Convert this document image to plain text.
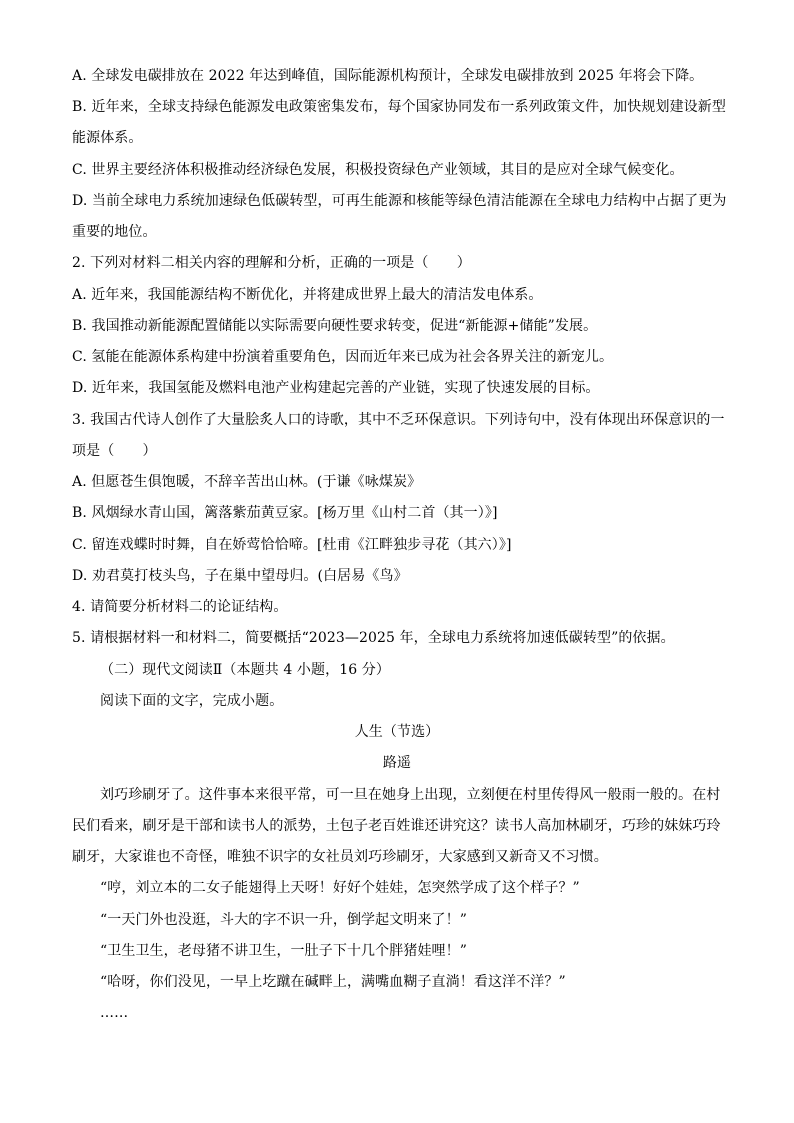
A. 全球发电碳排放在 2022 年达到峰值，国际能源机构预计，全球发电碳排放到 2025 年将会下降。
B. 近年来，全球支持绿色能源发电政策密集发布，每个国家协同发布一系列政策文件，加快规划建设新型
能源体系。
C. 世界主要经济体积极推动经济绿色发展，积极投资绿色产业领域，其目的是应对全球气候变化。
D. 当前全球电力系统加速绿色低碳转型，可再生能源和核能等绿色清洁能源在全球电力结构中占据了更为
重要的地位。
2. 下列对材料二相关内容的理解和分析，正确的一项是（　　）
A. 近年来，我国能源结构不断优化，并将建成世界上最大的清洁发电体系。
B. 我国推动新能源配置储能以实际需要向硬性要求转变，促进“新能源+储能”发展。
C. 氢能在能源体系构建中扮演着重要角色，因而近年来已成为社会各界关注的新宠儿。
D. 近年来，我国氢能及燃料电池产业构建起完善的产业链，实现了快速发展的目标。
3. 我国古代诗人创作了大量脍炙人口的诗歌，其中不乏环保意识。下列诗句中，没有体现出环保意识的一
项是（　　）
A. 但愿苍生俱饱暖，不辞辛苦出山林。(于谦《咏煤炭》
B. 风烟绿水青山国，篱落紫茄黄豆家。[杨万里《山村二首（其一）》]
C. 留连戏蝶时时舞，自在娇莺恰恰啼。[杜甫《江畔独步寻花（其六）》]
D. 劝君莫打枝头鸟，子在巢中望母归。(白居易《鸟》
4. 请简要分析材料二的论证结构。
5. 请根据材料一和材料二，简要概括“2023—2025 年，全球电力系统将加速低碳转型”的依据。
（二）现代文阅读Ⅱ（本题共 4 小题，16 分）
阅读下面的文字，完成小题。
人生（节选）
路遥
刘巧珍刷牙了。这件事本来很平常，可一旦在她身上出现，立刻便在村里传得风一般雨一般的。在村
民们看来，刷牙是干部和读书人的派势，土包子老百姓谁还讲究这？读书人高加林刷牙，巧珍的妹妹巧玲
刷牙，大家谁也不奇怪，唯独不识字的女社员刘巧珍刷牙，大家感到又新奇又不习惯。
“哼，刘立本的二女子能翅得上天呀！好好个娃娃，怎突然学成了这个样子？”
“一天门外也没逛，斗大的字不识一升，倒学起文明来了！”
“卫生卫生，老母猪不讲卫生，一肚子下十几个胖猪娃哩！”
“哈呀，你们没见，一早上圪蹴在碱畔上，满嘴血糊子直淌！看这洋不洋？”
……
